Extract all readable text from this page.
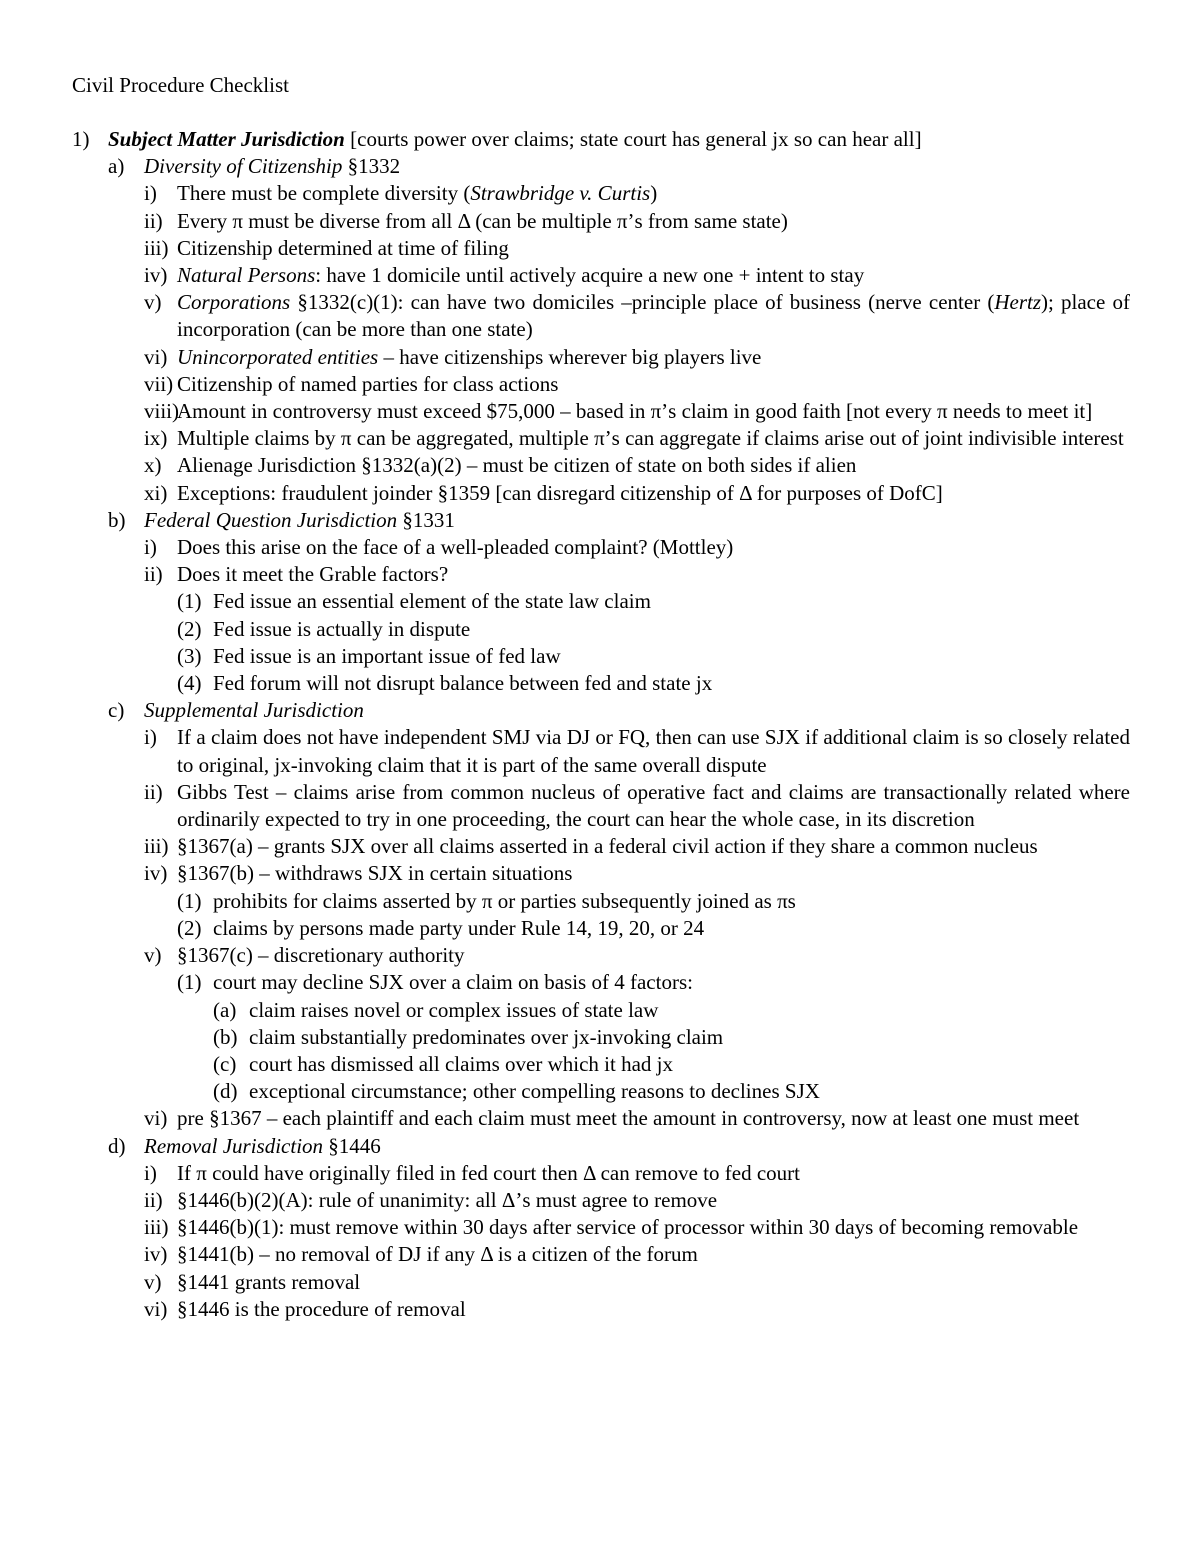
Civil Procedure Checklist
1) Subject Matter Jurisdiction [courts power over claims; state court has general jx so can hear all]
a) Diversity of Citizenship §1332
i) There must be complete diversity (Strawbridge v. Curtis)
ii) Every π must be diverse from all Δ (can be multiple π’s from same state)
iii) Citizenship determined at time of filing
iv) Natural Persons: have 1 domicile until actively acquire a new one + intent to stay
v) Corporations §1332(c)(1): can have two domiciles –principle place of business (nerve center (Hertz); place of incorporation (can be more than one state)
vi) Unincorporated entities – have citizenships wherever big players live
vii) Citizenship of named parties for class actions
viii)
Amount in controversy must exceed $75,000 – based in π’s claim in good faith [not every π needs to meet it]
ix) Multiple claims by π can be aggregated, multiple π’s can aggregate if claims arise out of joint indivisible interest
x) Alienage Jurisdiction §1332(a)(2) – must be citizen of state on both sides if alien
xi) Exceptions: fraudulent joinder §1359 [can disregard citizenship of Δ for purposes of DofC]
b) Federal Question Jurisdiction §1331
i) Does this arise on the face of a well-pleaded complaint? (Mottley)
ii) Does it meet the Grable factors?
(1) Fed issue an essential element of the state law claim
(2) Fed issue is actually in dispute
(3) Fed issue is an important issue of fed law
(4) Fed forum will not disrupt balance between fed and state jx
c) Supplemental Jurisdiction
i) If a claim does not have independent SMJ via DJ or FQ, then can use SJX if additional claim is so closely related to original, jx-invoking claim that it is part of the same overall dispute
ii) Gibbs Test – claims arise from common nucleus of operative fact and claims are transactionally related where ordinarily expected to try in one proceeding, the court can hear the whole case, in its discretion
iii) §1367(a) – grants SJX over all claims asserted in a federal civil action if they share a common nucleus
iv) §1367(b) – withdraws SJX in certain situations
(1) prohibits for claims asserted by π or parties subsequently joined as πs
(2) claims by persons made party under Rule 14, 19, 20, or 24
v) §1367(c) – discretionary authority
(1) court may decline SJX over a claim on basis of 4 factors:
(a) claim raises novel or complex issues of state law
(b) claim substantially predominates over jx-invoking claim
(c) court has dismissed all claims over which it had jx
(d) exceptional circumstance; other compelling reasons to declines SJX
vi) pre §1367 – each plaintiff and each claim must meet the amount in controversy, now at least one must meet
d) Removal Jurisdiction §1446
i) If π could have originally filed in fed court then Δ can remove to fed court
ii) §1446(b)(2)(A): rule of unanimity: all Δ’s must agree to remove
iii) §1446(b)(1): must remove within 30 days after service of processor within 30 days of becoming removable
iv) §1441(b) – no removal of DJ if any Δ is a citizen of the forum
v) §1441 grants removal
vi) §1446 is the procedure of removal
